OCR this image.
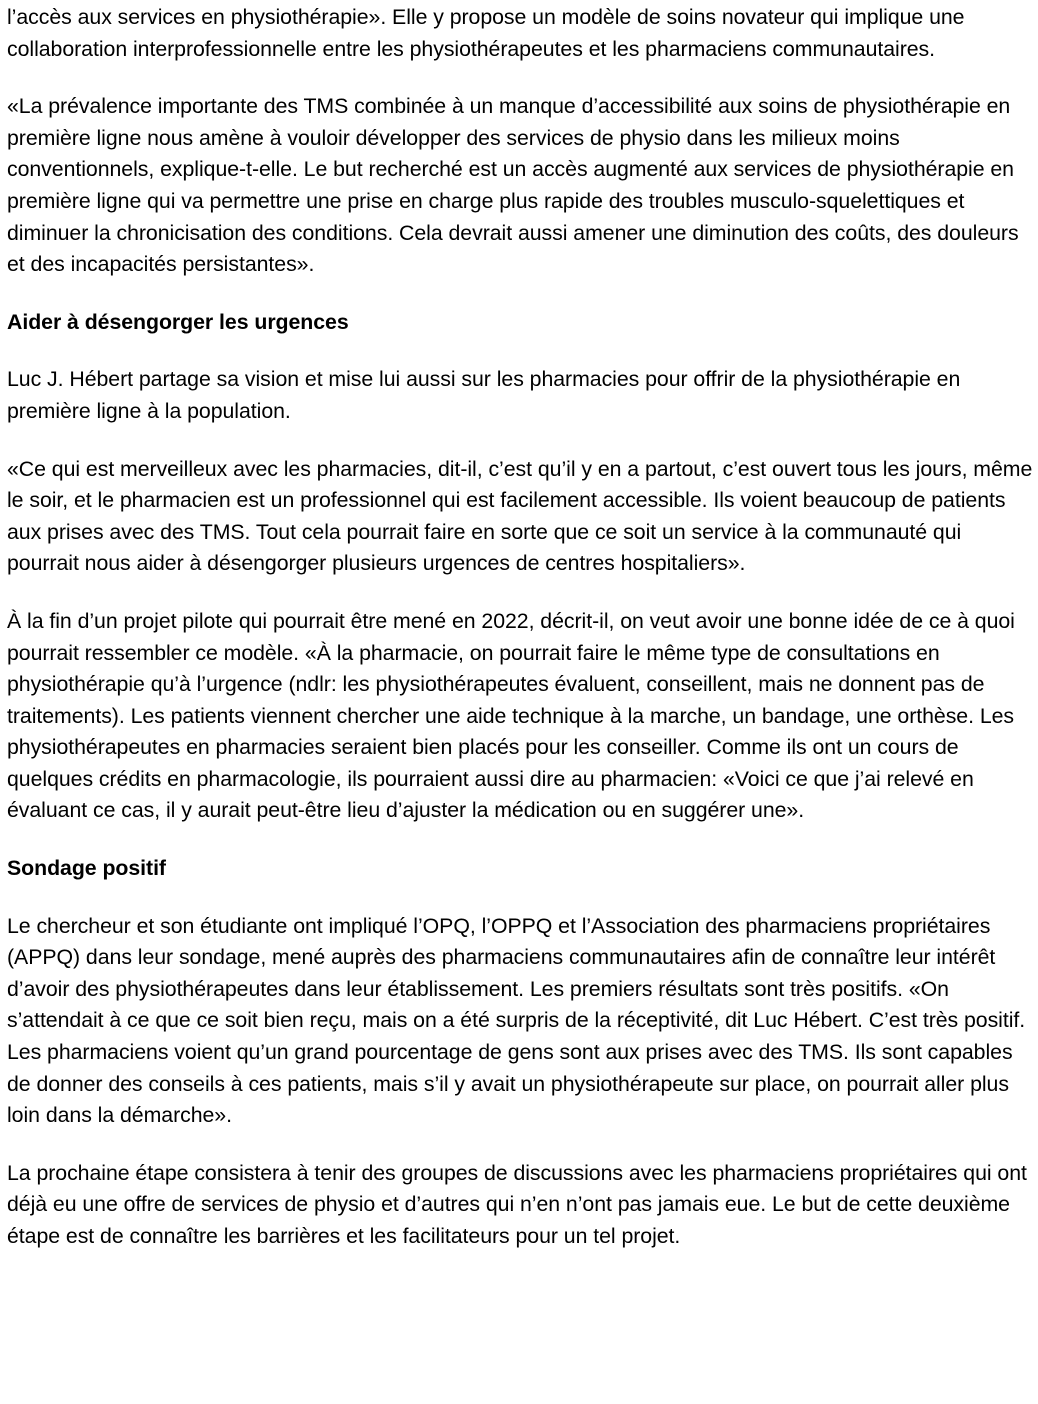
l’accès aux services en physiothérapie». Elle y propose un modèle de soins novateur qui implique une collaboration interprofessionnelle entre les physiothérapeutes et les pharmaciens communautaires.

«La prévalence importante des TMS combinée à un manque d’accessibilité aux soins de physiothérapie en première ligne nous amène à vouloir développer des services de physio dans les milieux moins conventionnels, explique-t-elle. Le but recherché est un accès augmenté aux services de physiothérapie en première ligne qui va permettre une prise en charge plus rapide des troubles musculo-squelettiques et diminuer la chronicisation des conditions. Cela devrait aussi amener une diminution des coûts, des douleurs et des incapacités persistantes».

Aider à désengorger les urgences

Luc J. Hébert partage sa vision et mise lui aussi sur les pharmacies pour offrir de la physiothérapie en première ligne à la population.

«Ce qui est merveilleux avec les pharmacies, dit-il, c’est qu’il y en a partout, c’est ouvert tous les jours, même le soir, et le pharmacien est un professionnel qui est facilement accessible. Ils voient beaucoup de patients aux prises avec des TMS. Tout cela pourrait faire en sorte que ce soit un service à la communauté qui pourrait nous aider à désengorger plusieurs urgences de centres hospitaliers».

À la fin d’un projet pilote qui pourrait être mené en 2022, décrit-il, on veut avoir une bonne idée de ce à quoi pourrait ressembler ce modèle. «À la pharmacie, on pourrait faire le même type de consultations en physiothérapie qu’à l’urgence (ndlr: les physiothérapeutes évaluent, conseillent, mais ne donnent pas de traitements). Les patients viennent chercher une aide technique à la marche, un bandage, une orthèse. Les physiothérapeutes en pharmacies seraient bien placés pour les conseiller. Comme ils ont un cours de quelques crédits en pharmacologie, ils pourraient aussi dire au pharmacien: «Voici ce que j’ai relevé en évaluant ce cas, il y aurait peut-être lieu d’ajuster la médication ou en suggérer une».

Sondage positif

Le chercheur et son étudiante ont impliqué l’OPQ, l’OPPQ et l’Association des pharmaciens propriétaires (APPQ) dans leur sondage, mené auprès des pharmaciens communautaires afin de connaître leur intérêt d’avoir des physiothérapeutes dans leur établissement. Les premiers résultats sont très positifs. «On s’attendait à ce que ce soit bien reçu, mais on a été surpris de la réceptivité, dit Luc Hébert. C’est très positif. Les pharmaciens voient qu’un grand pourcentage de gens sont aux prises avec des TMS. Ils sont capables de donner des conseils à ces patients, mais s’il y avait un physiothérapeute sur place, on pourrait aller plus loin dans la démarche».

La prochaine étape consistera à tenir des groupes de discussions avec les pharmaciens propriétaires qui ont déjà eu une offre de services de physio et d’autres qui n’en n’ont pas jamais eue. Le but de cette deuxième étape est de connaître les barrières et les facilitateurs pour un tel projet.
